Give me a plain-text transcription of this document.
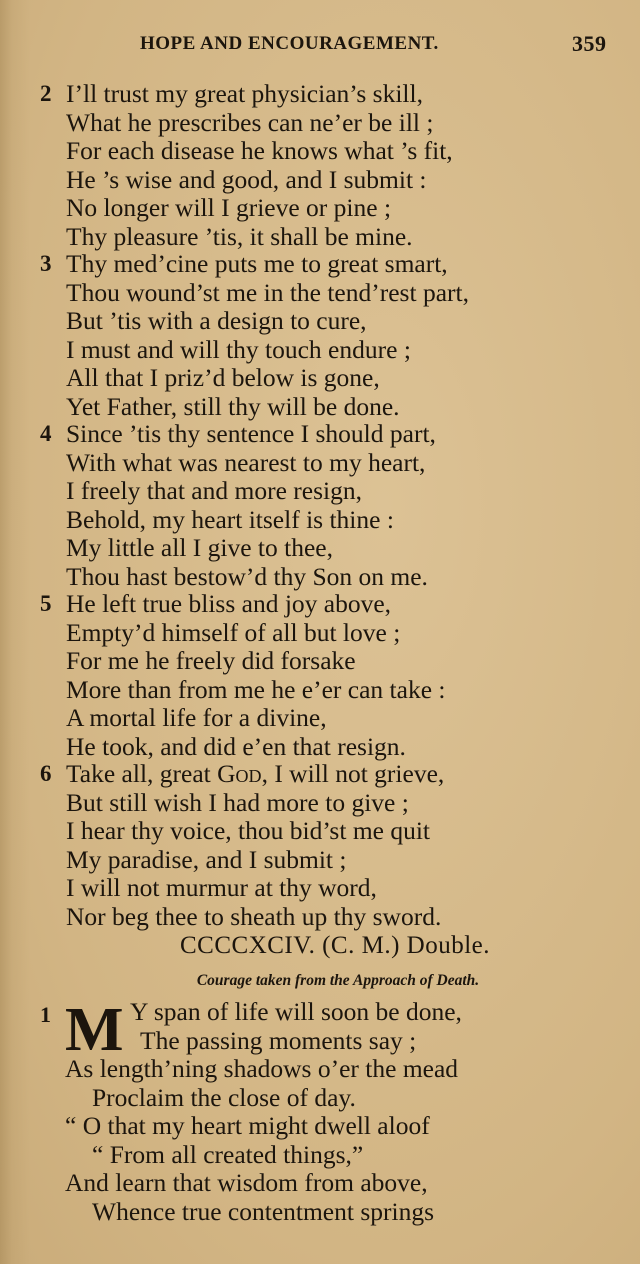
HOPE AND ENCOURAGEMENT.	359
2 I’ll trust my great physician’s skill,
What he prescribes can ne’er be ill ;
For each disease he knows what ’s fit,
He ’s wise and good, and I submit :
No longer will I grieve or pine ;
Thy pleasure ’tis, it shall be mine.
3 Thy med’cine puts me to great smart,
Thou wound’st me in the tend’rest part,
But ’tis with a design to cure,
I must and will thy touch endure ;
All that I priz’d below is gone,
Yet Father, still thy will be done.
4 Since ’tis thy sentence I should part,
With what was nearest to my heart,
I freely that and more resign,
Behold, my heart itself is thine :
My little all I give to thee,
Thou hast bestow’d thy Son on me.
5 He left true bliss and joy above,
Empty’d himself of all but love ;
For me he freely did forsake
More than from me he e’er can take :
A mortal life for a divine,
He took, and did e’en that resign.
6 Take all, great God, I will not grieve,
But still wish I had more to give ;
I hear thy voice, thou bid’st me quit
My paradise, and I submit ;
I will not murmur at thy word,
Nor beg thee to sheath up thy sword.
CCCCXCIV. (C. M.) Double.
Courage taken from the Approach of Death.
1 M Y span of life will soon be done,
The passing moments say ;
As length’ning shadows o’er the mead
Proclaim the close of day.
“ O that my heart might dwell aloof
“ From all created things,”
And learn that wisdom from above,
Whence true contentment springs
